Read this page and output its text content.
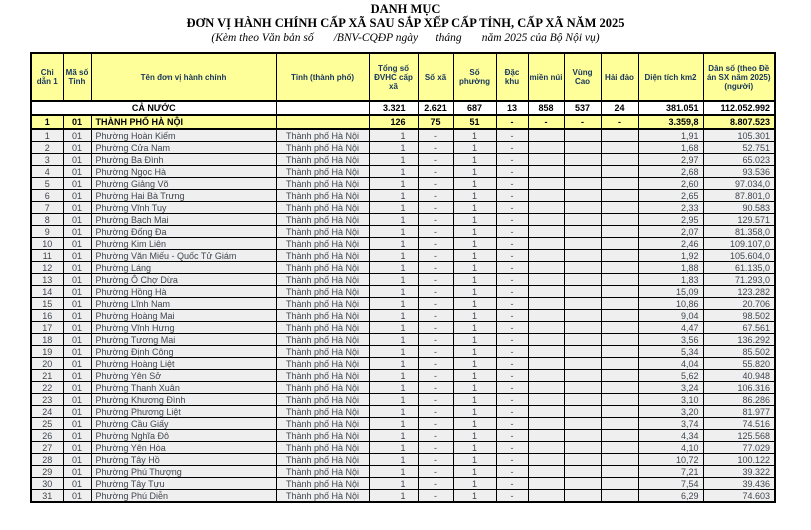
DANH MỤC
ĐƠN VỊ HÀNH CHÍNH CẤP XÃ SAU SẮP XẾP CẤP TỈNH, CẤP XÃ NĂM 2025
(Kèm theo Văn bản số       /BNV-CQĐP ngày      tháng       năm 2025 của Bộ Nội vụ)
Chỉ dẫn 1	Mã số Tỉnh	Tên đơn vị hành chính	Tỉnh (thành phố)	Tổng số ĐVHC cấp xã	Số xã	Số phường	Đặc khu	miền núi	Vùng Cao	Hải đảo	Diện tích km2	Dân số (theo Đề án SX năm 2025) (người)
CẢ NƯỚC				3.321	2.621	687	13	858	537	24	381.051	112.052.992
1	01	THÀNH PHỐ HÀ NỘI		126	75	51	-	-	-	-	3.359,8	8.807.523
1	01	Phường Hoàn Kiếm	Thành phố Hà Nội	1	-	1	-				1,91	105.301
2	01	Phường Cửa Nam	Thành phố Hà Nội	1	-	1	-				1,68	52.751
3	01	Phường Ba Đình	Thành phố Hà Nội	1	-	1	-				2,97	65.023
4	01	Phường Ngọc Hà	Thành phố Hà Nội	1	-	1	-				2,68	93.536
5	01	Phường Giảng Võ	Thành phố Hà Nội	1	-	1	-				2,60	97.034,0
6	01	Phường Hai Bà Trưng	Thành phố Hà Nội	1	-	1	-				2,65	87.801,0
7	01	Phường Vĩnh Tuy	Thành phố Hà Nội	1	-	1	-				2,33	90.583
8	01	Phường Bạch Mai	Thành phố Hà Nội	1	-	1	-				2,95	129.571
9	01	Phường Đống Đa	Thành phố Hà Nội	1	-	1	-				2,07	81.358,0
10	01	Phường Kim Liên	Thành phố Hà Nội	1	-	1	-				2,46	109.107,0
11	01	Phường Văn Miếu - Quốc Tử Giám	Thành phố Hà Nội	1	-	1	-				1,92	105.604,0
12	01	Phường Láng	Thành phố Hà Nội	1	-	1	-				1,88	61.135,0
13	01	Phường Ô Chợ Dừa	Thành phố Hà Nội	1	-	1	-				1,83	71.293,0
14	01	Phường Hồng Hà	Thành phố Hà Nội	1	-	1	-				15,09	123.282
15	01	Phường Lĩnh Nam	Thành phố Hà Nội	1	-	1	-				10,86	20.706
16	01	Phường Hoàng Mai	Thành phố Hà Nội	1	-	1	-				9,04	98.502
17	01	Phường Vĩnh Hưng	Thành phố Hà Nội	1	-	1	-				4,47	67.561
18	01	Phường Tương Mai	Thành phố Hà Nội	1	-	1	-				3,56	136.292
19	01	Phường Định Công	Thành phố Hà Nội	1	-	1	-				5,34	85.502
20	01	Phường Hoàng Liệt	Thành phố Hà Nội	1	-	1	-				4,04	55.820
21	01	Phường Yên Sở	Thành phố Hà Nội	1	-	1	-				5,62	40.948
22	01	Phường Thanh Xuân	Thành phố Hà Nội	1	-	1	-				3,24	106.316
23	01	Phường Khương Đình	Thành phố Hà Nội	1	-	1	-				3,10	86.286
24	01	Phường Phương Liệt	Thành phố Hà Nội	1	-	1	-				3,20	81.977
25	01	Phường Cầu Giấy	Thành phố Hà Nội	1	-	1	-				3,74	74.516
26	01	Phường Nghĩa Đô	Thành phố Hà Nội	1	-	1	-				4,34	125.568
27	01	Phường Yên Hòa	Thành phố Hà Nội	1	-	1	-				4,10	77.029
28	01	Phường Tây Hồ	Thành phố Hà Nội	1	-	1	-				10,72	100.122
29	01	Phường Phú Thượng	Thành phố Hà Nội	1	-	1	-				7,21	39.322
30	01	Phường Tây Tựu	Thành phố Hà Nội	1	-	1	-				7,54	39.436
31	01	Phường Phú Diễn	Thành phố Hà Nội	1	-	1	-				6,29	74.603
